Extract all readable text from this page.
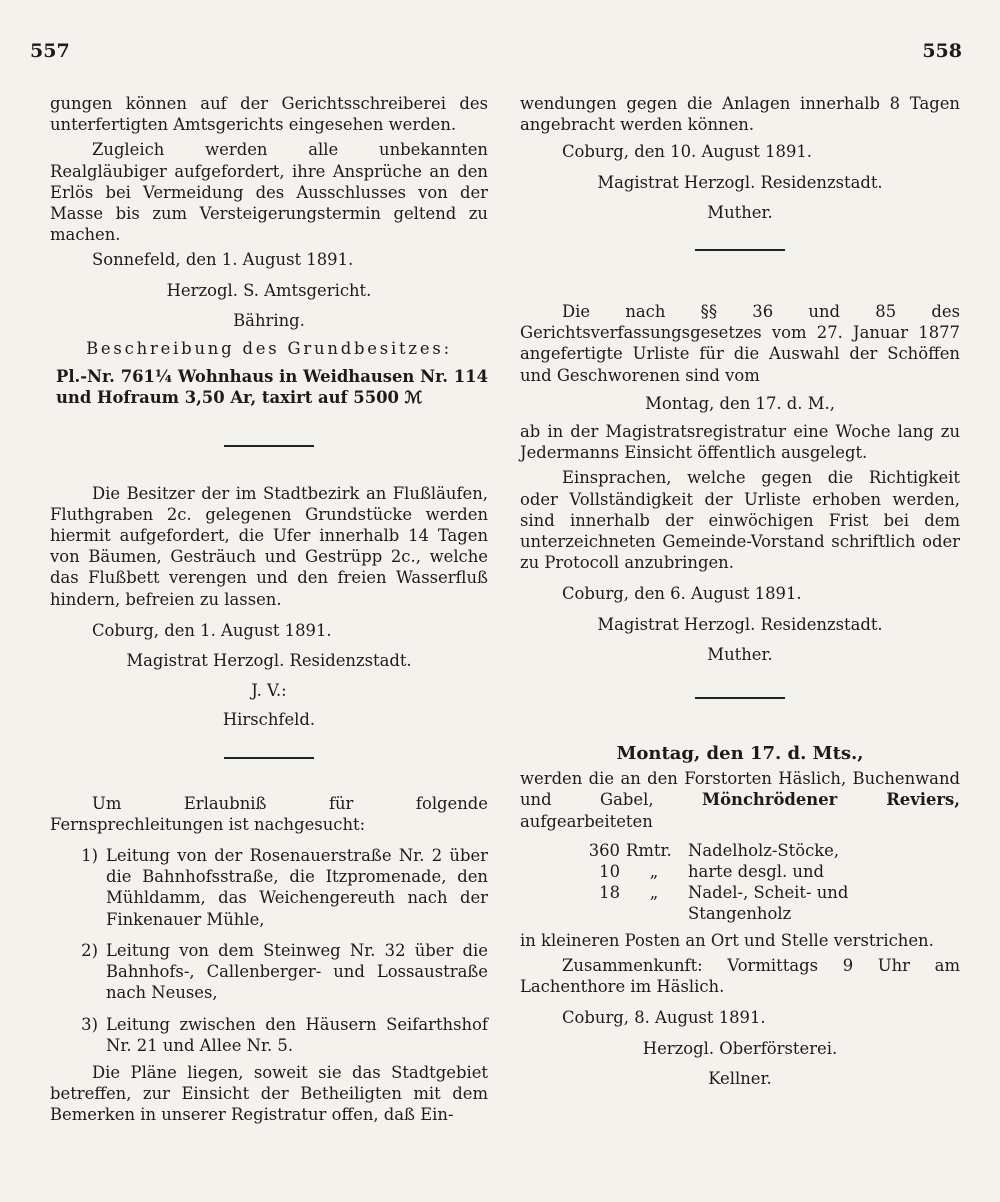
557	558

gungen können auf der Gerichtsschreiberei des unterfertigten Amtsgerichts eingesehen werden.

Zugleich werden alle unbekannten Realgläubiger aufgefordert, ihre Ansprüche an den Erlös bei Vermeidung des Ausschlusses von der Masse bis zum Versteigerungstermin geltend zu machen.

Sonnefeld, den 1. August 1891.

Herzogl. S. Amtsgericht.

Bähring.

Beschreibung des Grundbesitzes:

Pl.-Nr. 761¼ Wohnhaus in Weidhausen Nr. 114 und Hofraum 3,50 Ar, taxirt auf 5500 ℳ

Die Besitzer der im Stadtbezirk an Flußläufen, Fluthgraben 2c. gelegenen Grundstücke werden hiermit aufgefordert, die Ufer innerhalb 14 Tagen von Bäumen, Gesträuch und Gestrüpp 2c., welche das Flußbett verengen und den freien Wasserfluß hindern, befreien zu lassen.

Coburg, den 1. August 1891.

Magistrat Herzogl. Residenzstadt.

J. V.:

Hirschfeld.

Um Erlaubniß für folgende Fernsprechleitungen ist nachgesucht:

1) Leitung von der Rosenauerstraße Nr. 2 über die Bahnhofsstraße, die Itzpromenade, den Mühldamm, das Weichengereuth nach der Finkenauer Mühle,
2) Leitung von dem Steinweg Nr. 32 über die Bahnhofs-, Callenberger- und Lossaustraße nach Neuses,
3) Leitung zwischen den Häusern Seifarthshof Nr. 21 und Allee Nr. 5.

Die Pläne liegen, soweit sie das Stadtgebiet betreffen, zur Einsicht der Betheiligten mit dem Bemerken in unserer Registratur offen, daß Ein-

wendungen gegen die Anlagen innerhalb 8 Tagen angebracht werden können.

Coburg, den 10. August 1891.

Magistrat Herzogl. Residenzstadt.

Muther.

Die nach §§ 36 und 85 des Gerichtsverfassungsgesetzes vom 27. Januar 1877 angefertigte Urliste für die Auswahl der Schöffen und Geschworenen sind vom

Montag, den 17. d. M.,

ab in der Magistratsregistratur eine Woche lang zu Jedermanns Einsicht öffentlich ausgelegt.

Einsprachen, welche gegen die Richtigkeit oder Vollständigkeit der Urliste erhoben werden, sind innerhalb der einwöchigen Frist bei dem unterzeichneten Gemeinde-Vorstand schriftlich oder zu Protocoll anzubringen.

Coburg, den 6. August 1891.

Magistrat Herzogl. Residenzstadt.

Muther.

Montag, den 17. d. Mts.,

werden die an den Forstorten Häslich, Buchenwand und Gabel,	Mönchrödener Reviers, aufgearbeiteten

360	Rmtr.	Nadelholz-Stöcke,
10	„	harte desgl. und
18	„	Nadel-, Scheit- und Stangenholz

in kleineren Posten an Ort und Stelle verstrichen.

Zusammenkunft: Vormittags 9 Uhr am Lachenthore im Häslich.

Coburg, 8. August 1891.

Herzogl. Oberförsterei.

Kellner.
